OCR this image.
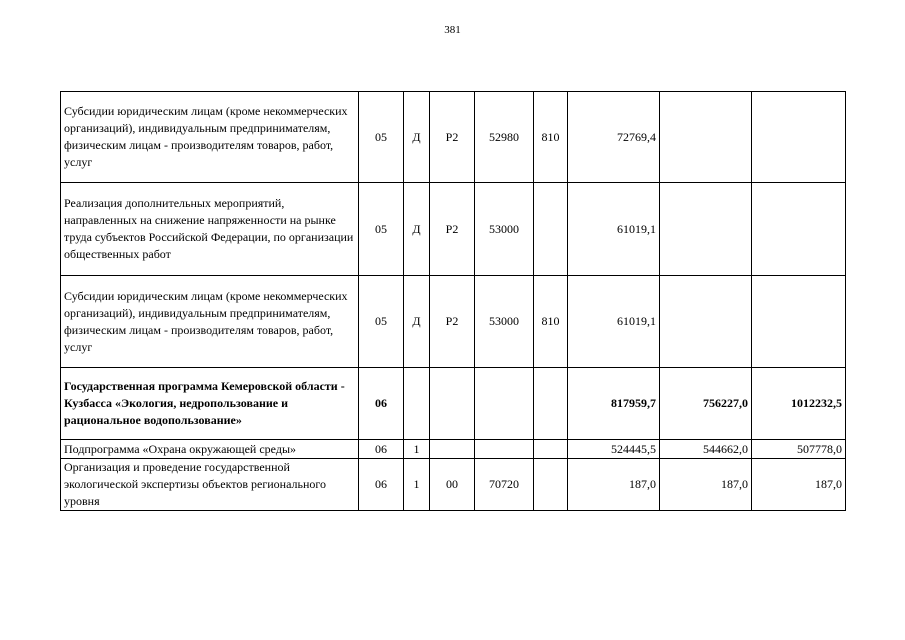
381
Субсидии юридическим лицам (кроме некоммерческих организаций), индивидуальным предпринимателям, физическим лицам - производителям товаров, работ, услуг	05	Д	Р2	52980	810	72769,4		
Реализация дополнительных мероприятий, направленных на снижение напряженности на рынке труда субъектов Российской Федерации, по организации общественных работ	05	Д	Р2	53000		61019,1		
Субсидии юридическим лицам (кроме некоммерческих организаций), индивидуальным предпринимателям, физическим лицам - производителям товаров, работ, услуг	05	Д	Р2	53000	810	61019,1		
Государственная программа Кемеровской области - Кузбасса «Экология, недропользование и рациональное водопользование»	06					817959,7	756227,0	1012232,5
Подпрограмма «Охрана окружающей среды»	06	1				524445,5	544662,0	507778,0
Организация и проведение государственной экологической экспертизы объектов регионального уровня	06	1	00	70720		187,0	187,0	187,0
